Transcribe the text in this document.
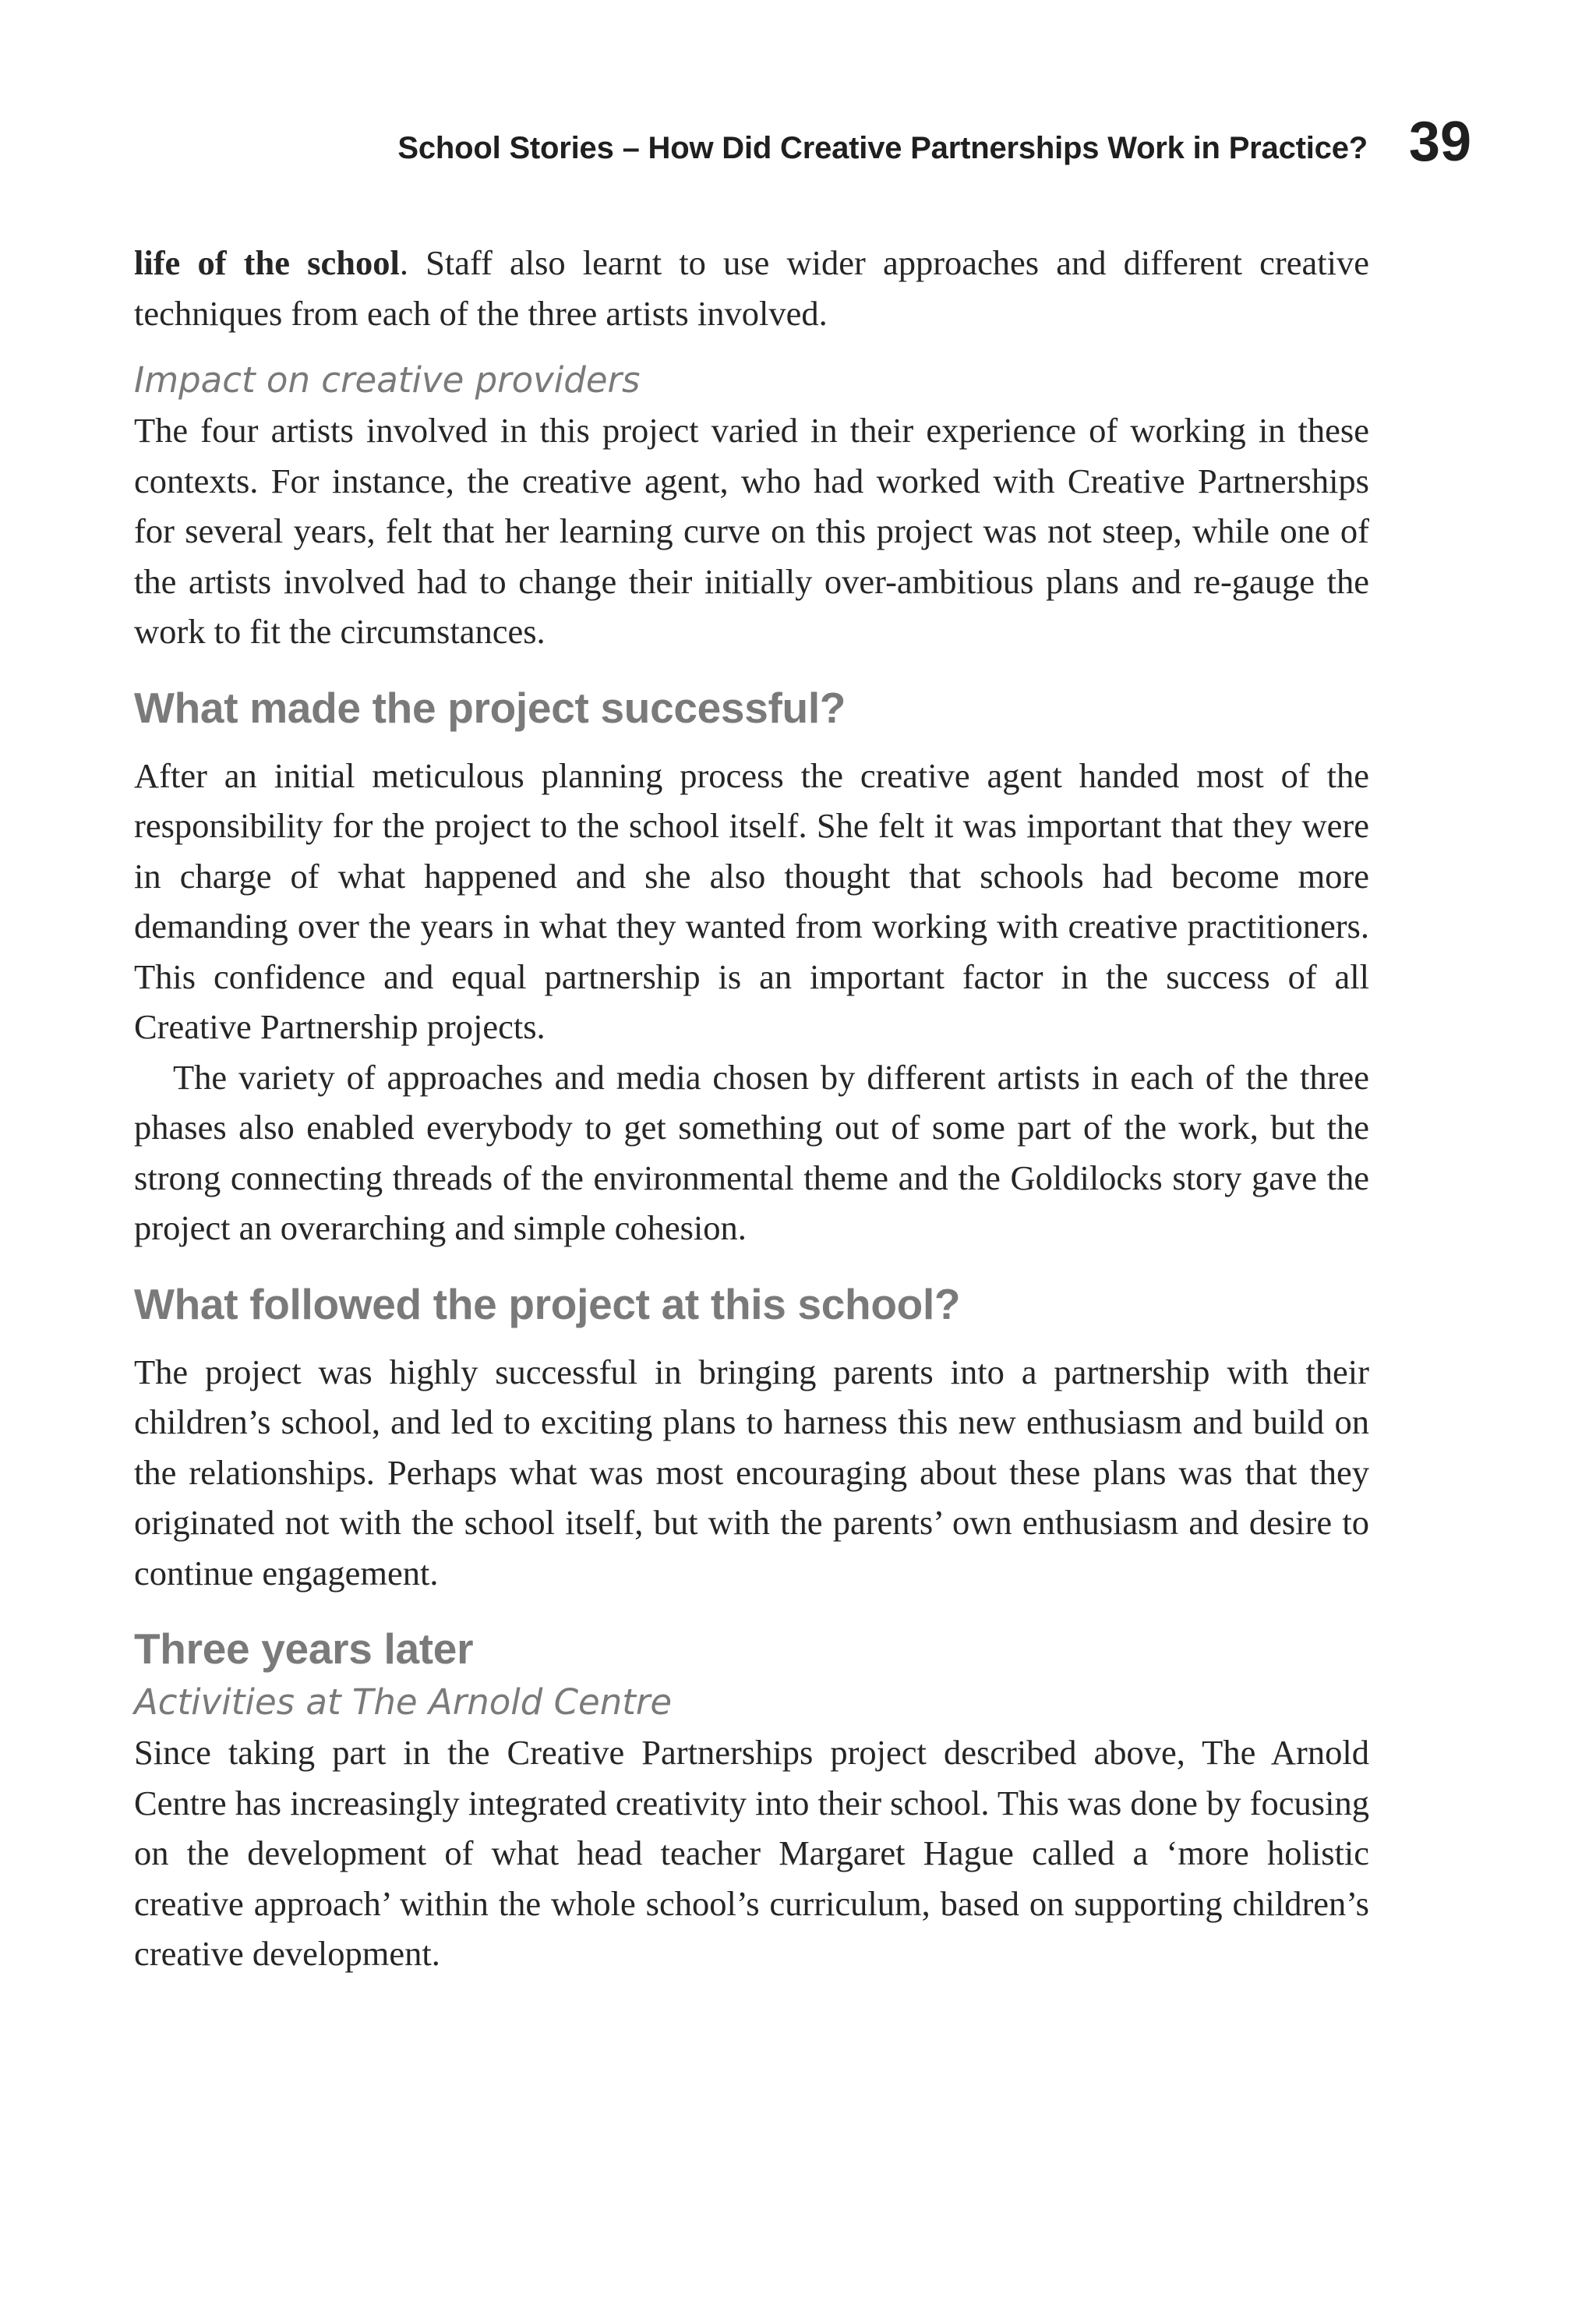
School Stories – How Did Creative Partnerships Work in Practice? 39

life of the school. Staff also learnt to use wider approaches and different creative techniques from each of the three artists involved.

Impact on creative providers

The four artists involved in this project varied in their experience of working in these contexts. For instance, the creative agent, who had worked with Creative Partnerships for several years, felt that her learning curve on this project was not steep, while one of the artists involved had to change their initially over-ambitious plans and re-gauge the work to fit the circumstances.

What made the project successful?

After an initial meticulous planning process the creative agent handed most of the responsibility for the project to the school itself. She felt it was important that they were in charge of what happened and she also thought that schools had become more demanding over the years in what they wanted from working with creative practitioners. This confidence and equal partnership is an important factor in the success of all Creative Partnership projects.

The variety of approaches and media chosen by different artists in each of the three phases also enabled everybody to get something out of some part of the work, but the strong connecting threads of the environmental theme and the Goldilocks story gave the project an overarching and simple cohesion.

What followed the project at this school?

The project was highly successful in bringing parents into a partnership with their children’s school, and led to exciting plans to harness this new enthusiasm and build on the relationships. Perhaps what was most encouraging about these plans was that they originated not with the school itself, but with the parents’ own enthusiasm and desire to continue engagement.

Three years later
Activities at The Arnold Centre

Since taking part in the Creative Partnerships project described above, The Arnold Centre has increasingly integrated creativity into their school. This was done by focusing on the development of what head teacher Margaret Hague called a ‘more holistic creative approach’ within the whole school’s curriculum, based on supporting children’s creative development.
